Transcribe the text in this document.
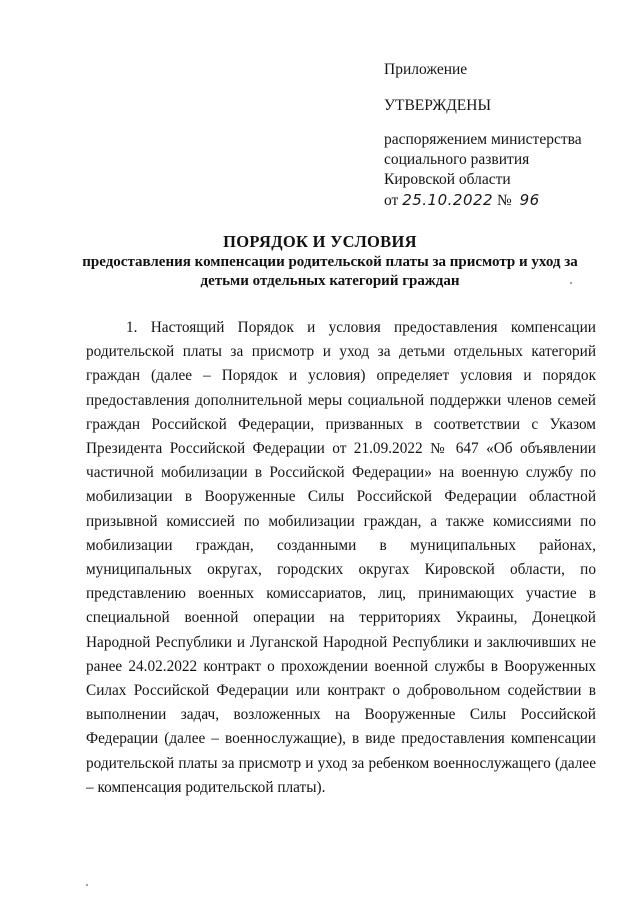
Приложение
УТВЕРЖДЕНЫ
распоряжением министерства
социального развития
Кировской области
от 25.10.2022 № 96
ПОРЯДОК И УСЛОВИЯ
предоставления компенсации родительской платы за присмотр и уход за детьми отдельных категорий граждан
1. Настоящий Порядок и условия предоставления компенсации родительской платы за присмотр и уход за детьми отдельных категорий граждан (далее – Порядок и условия) определяет условия и порядок предоставления дополнительной меры социальной поддержки членов семей граждан Российской Федерации, призванных в соответствии с Указом Президента Российской Федерации от 21.09.2022 № 647 «Об объявлении частичной мобилизации в Российской Федерации» на военную службу по мобилизации в Вооруженные Силы Российской Федерации областной призывной комиссией по мобилизации граждан, а также комиссиями по мобилизации граждан, созданными в муниципальных районах, муниципальных округах, городских округах Кировской области, по представлению военных комиссариатов, лиц, принимающих участие в специальной военной операции на территориях Украины, Донецкой Народной Республики и Луганской Народной Республики и заключивших не ранее 24.02.2022 контракт о прохождении военной службы в Вооруженных Силах Российской Федерации или контракт о добровольном содействии в выполнении задач, возложенных на Вооруженные Силы Российской Федерации (далее – военнослужащие), в виде предоставления компенсации родительской платы за присмотр и уход за ребенком военнослужащего (далее – компенсация родительской платы).
